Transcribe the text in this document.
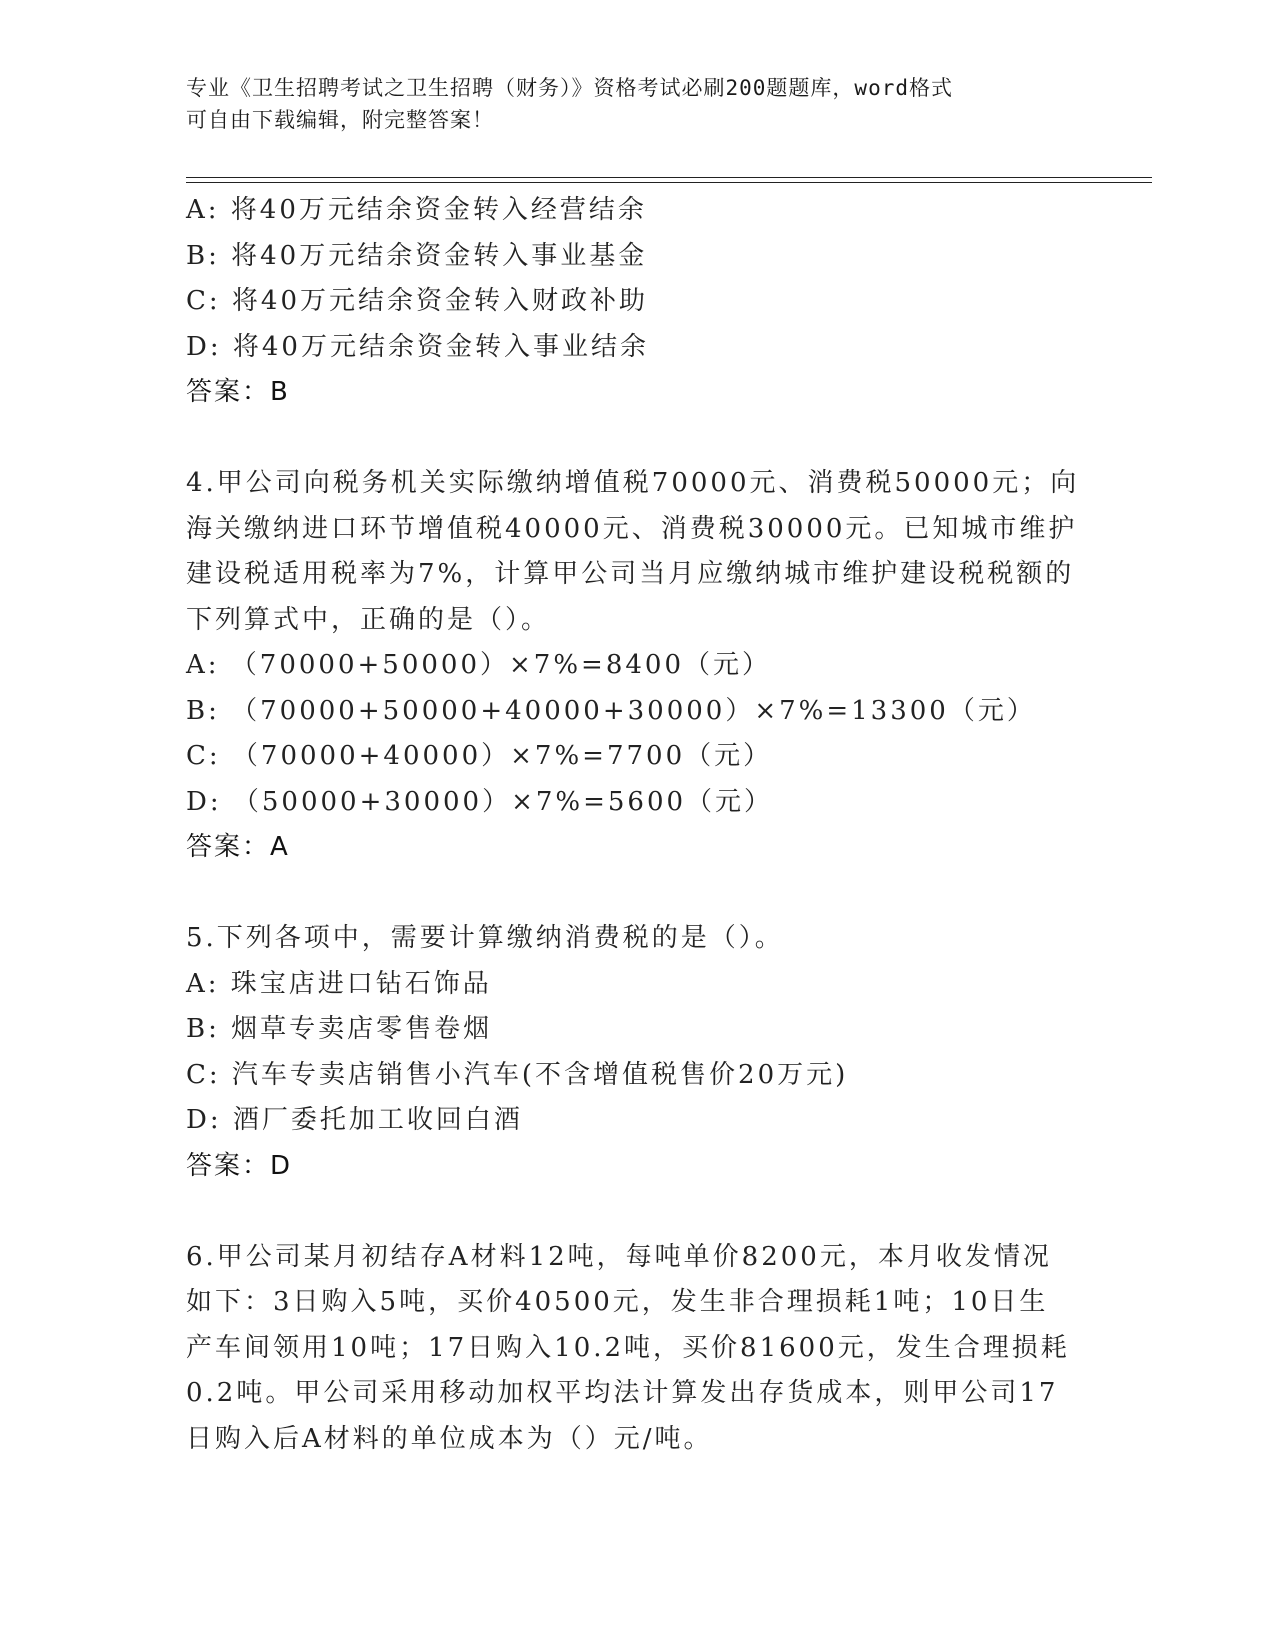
专业《卫生招聘考试之卫生招聘（财务）》资格考试必刷200题题库，word格式
可自由下载编辑，附完整答案！
A: 将40万元结余资金转入经营结余
B: 将40万元结余资金转入事业基金
C: 将40万元结余资金转入财政补助
D: 将40万元结余资金转入事业结余
答案：B
4.甲公司向税务机关实际缴纳增值税70000元、消费税50000元；向
海关缴纳进口环节增值税40000元、消费税30000元。已知城市维护
建设税适用税率为7%，计算甲公司当月应缴纳城市维护建设税税额的
下列算式中，正确的是（）。
A: （70000+50000）×7%=8400（元）
B: （70000+50000+40000+30000）×7%=13300（元）
C: （70000+40000）×7%=7700（元）
D: （50000+30000）×7%=5600（元）
答案：A
5.下列各项中，需要计算缴纳消费税的是（）。
A: 珠宝店进口钻石饰品
B: 烟草专卖店零售卷烟
C: 汽车专卖店销售小汽车(不含增值税售价20万元)
D: 酒厂委托加工收回白酒
答案：D
6.甲公司某月初结存A材料12吨，每吨单价8200元，本月收发情况
如下：3日购入5吨，买价40500元，发生非合理损耗1吨；10日生
产车间领用10吨；17日购入10.2吨，买价81600元，发生合理损耗
0.2吨。甲公司采用移动加权平均法计算发出存货成本，则甲公司17
日购入后A材料的单位成本为（）元/吨。
